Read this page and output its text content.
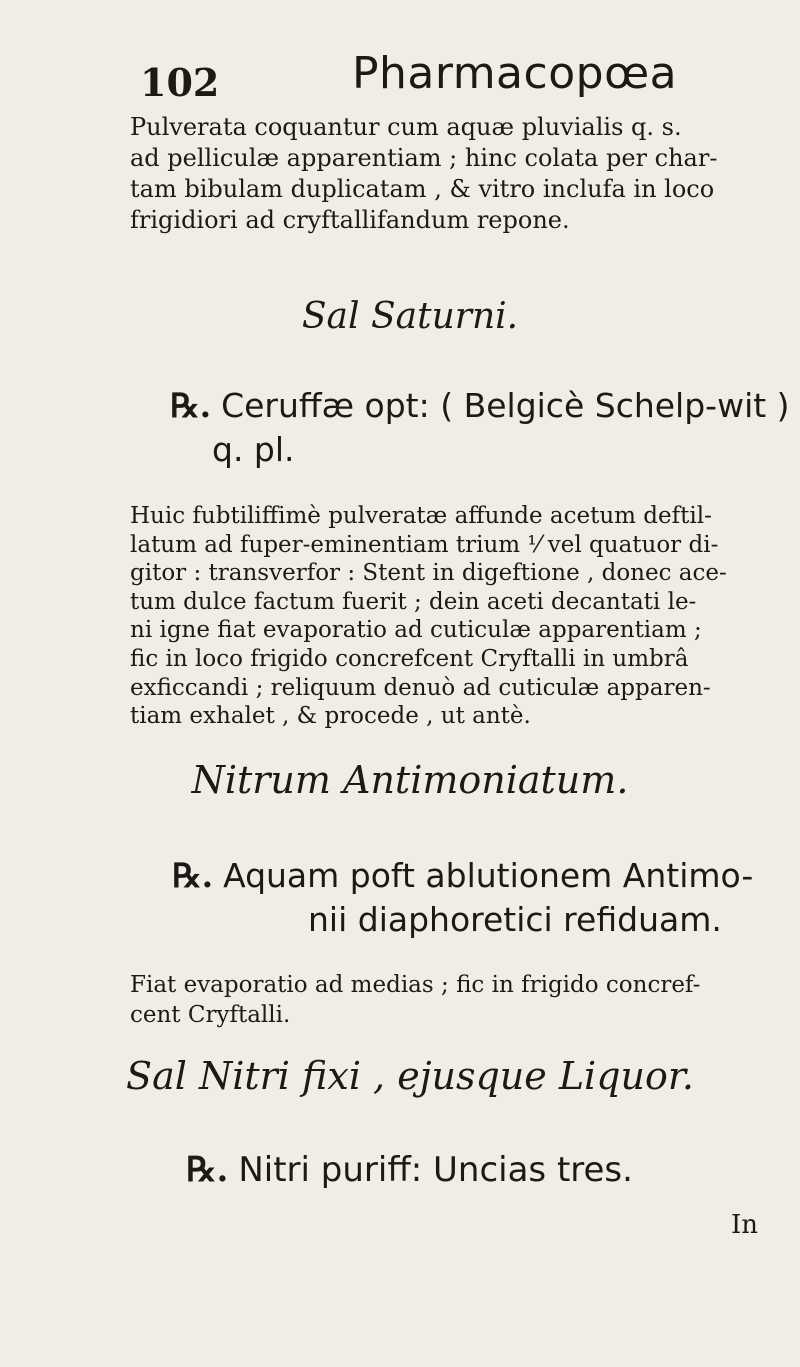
102	Pharmacopœa
Pulverata coquantur cum aquæ pluvialis q. s.
ad pelliculæ apparentiam ; hinc colata per char-
tam bibulam duplicatam , & vitro inclufa in loco
frigidiori ad cryftallifandum repone.
Sal Saturni.
℞. Ceruffæ opt: ( Belgicè Schelp-wit )
q. pl.
Huic fubtiliffimè pulveratæ affunde acetum deftil-
latum ad fuper-eminentiam trium ⅟ vel quatuor di-
gitor : transverfor : Stent in digeftione , donec ace-
tum dulce factum fuerit ; dein aceti decantati le-
ni igne fiat evaporatio ad cuticulæ apparentiam ;
fic in loco frigido concrefcent Cryftalli in umbrâ
exficcandi ; reliquum denuò ad cuticulæ apparen-
tiam exhalet , & procede , ut antè.
Nitrum Antimoniatum.
℞. Aquam poft ablutionem Antimo-
nii diaphoretici refiduam.
Fiat evaporatio ad medias ; fic in frigido concref-
cent Cryftalli.
Sal Nitri fixi , ejusque Liquor.
℞. Nitri puriff: Uncias tres.
In
